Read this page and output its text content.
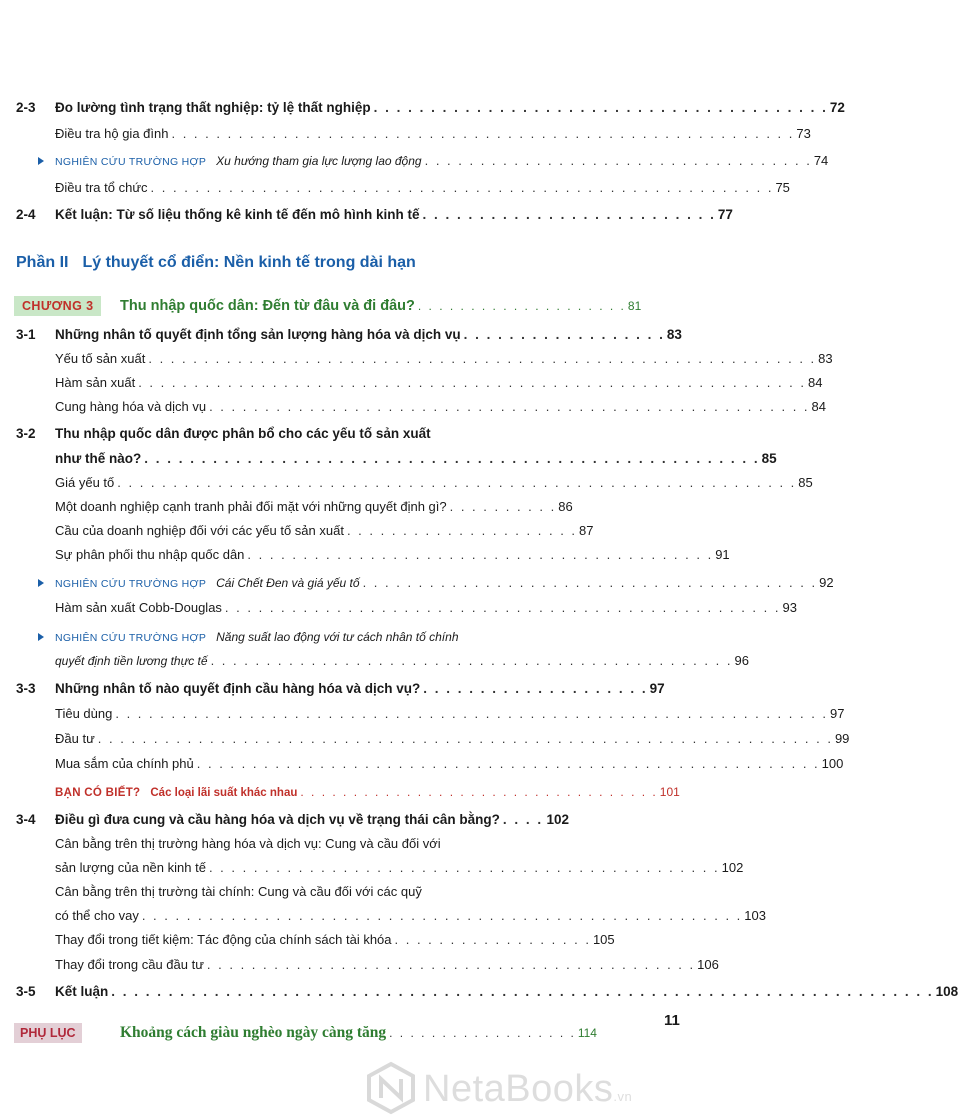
2-3 Đo lường tình trạng thất nghiệp: tỷ lệ thất nghiệp . . . . . . . . . . . . . . . . . . . . . . . . . . . . . . . . . . . . . . . . 72
Điều tra hộ gia đình . . . . . . . . . . . . . . . . . . . . . . . . . . . . . . . . . . . . . . . . . . . . . . . . . . . . . . . . 73
NGHIÊN CỨU TRƯỜNG HỢP Xu hướng tham gia lực lượng lao động . . . . . . . . . . . . . . . . . . . . . . . . . . . . . . . . . . . 74
Điều tra tổ chức . . . . . . . . . . . . . . . . . . . . . . . . . . . . . . . . . . . . . . . . . . . . . . . . . . . . . . . . 75
2-4 Kết luận: Từ số liệu thống kê kinh tế đến mô hình kinh tế . . . . . . . . . . . . . . . . . . . . . . . . . . 77
Phần II Lý thuyết cổ điển: Nền kinh tế trong dài hạn
CHƯƠNG 3	Thu nhập quốc dân: Đến từ đâu và đi đâu? . . . . . . . . . . . . . . . . . . . . 81
3-1 Những nhân tố quyết định tổng sản lượng hàng hóa và dịch vụ . . . . . . . . . . . . . . . . . . 83
Yếu tố sản xuất . . . . . . . . . . . . . . . . . . . . . . . . . . . . . . . . . . . . . . . . . . . . . . . . . . . . . . . . . . . . 83
Hàm sản xuất . . . . . . . . . . . . . . . . . . . . . . . . . . . . . . . . . . . . . . . . . . . . . . . . . . . . . . . . . . . . 84
Cung hàng hóa và dịch vụ . . . . . . . . . . . . . . . . . . . . . . . . . . . . . . . . . . . . . . . . . . . . . . . . . . . . . . 84
3-2 Thu nhập quốc dân được phân bổ cho các yếu tố sản xuất
như thế nào? . . . . . . . . . . . . . . . . . . . . . . . . . . . . . . . . . . . . . . . . . . . . . . . . . . . . . . 85
Giá yếu tố . . . . . . . . . . . . . . . . . . . . . . . . . . . . . . . . . . . . . . . . . . . . . . . . . . . . . . . . . . . . . 85
Một doanh nghiệp cạnh tranh phải đối mặt với những quyết định gì? . . . . . . . . . . 86
Cầu của doanh nghiệp đối với các yếu tố sản xuất . . . . . . . . . . . . . . . . . . . . . 87
Sự phân phối thu nhập quốc dân . . . . . . . . . . . . . . . . . . . . . . . . . . . . . . . . . . . . . . . . . . 91
NGHIÊN CỨU TRƯỜNG HỢP Cái Chết Đen và giá yếu tố . . . . . . . . . . . . . . . . . . . . . . . . . . . . . . . . . . . . . . . . . 92
Hàm sản xuất Cobb-Douglas . . . . . . . . . . . . . . . . . . . . . . . . . . . . . . . . . . . . . . . . . . . . . . . . . . 93
NGHIÊN CỨU TRƯỜNG HỢP Năng suất lao động với tư cách nhân tố chính
quyết định tiền lương thực tế . . . . . . . . . . . . . . . . . . . . . . . . . . . . . . . . . . . . . . . . . . . . . . . 96
3-3 Những nhân tố nào quyết định cầu hàng hóa và dịch vụ? . . . . . . . . . . . . . . . . . . . . 97
Tiêu dùng . . . . . . . . . . . . . . . . . . . . . . . . . . . . . . . . . . . . . . . . . . . . . . . . . . . . . . . . . . . . . . . . 97
Đầu tư . . . . . . . . . . . . . . . . . . . . . . . . . . . . . . . . . . . . . . . . . . . . . . . . . . . . . . . . . . . . . . . . . . 99
Mua sắm của chính phủ . . . . . . . . . . . . . . . . . . . . . . . . . . . . . . . . . . . . . . . . . . . . . . . . . . . . . . . . 100
BẠN CÓ BIẾT? Các loại lãi suất khác nhau . . . . . . . . . . . . . . . . . . . . . . . . . . . . . . . . . . 101
3-4 Điều gì đưa cung và cầu hàng hóa và dịch vụ về trạng thái cân bằng? . . . . 102
Cân bằng trên thị trường hàng hóa và dịch vụ: Cung và cầu đối với
sản lượng của nền kinh tế . . . . . . . . . . . . . . . . . . . . . . . . . . . . . . . . . . . . . . . . . . . . . . 102
Cân bằng trên thị trường tài chính: Cung và cầu đối với các quỹ
có thể cho vay . . . . . . . . . . . . . . . . . . . . . . . . . . . . . . . . . . . . . . . . . . . . . . . . . . . . . . 103
Thay đổi trong tiết kiệm: Tác động của chính sách tài khóa . . . . . . . . . . . . . . . . . . 105
Thay đổi trong cầu đầu tư . . . . . . . . . . . . . . . . . . . . . . . . . . . . . . . . . . . . . . . . . . . . 106
3-5 Kết luận . . . . . . . . . . . . . . . . . . . . . . . . . . . . . . . . . . . . . . . . . . . . . . . . . . . . . . . . . . . . . . . . . . . . . . . . 108
PHỤ LỤC	Khoảng cách giàu nghèo ngày càng tăng . . . . . . . . . . . . . . . . . . 114
11
NetaBooks.vn
